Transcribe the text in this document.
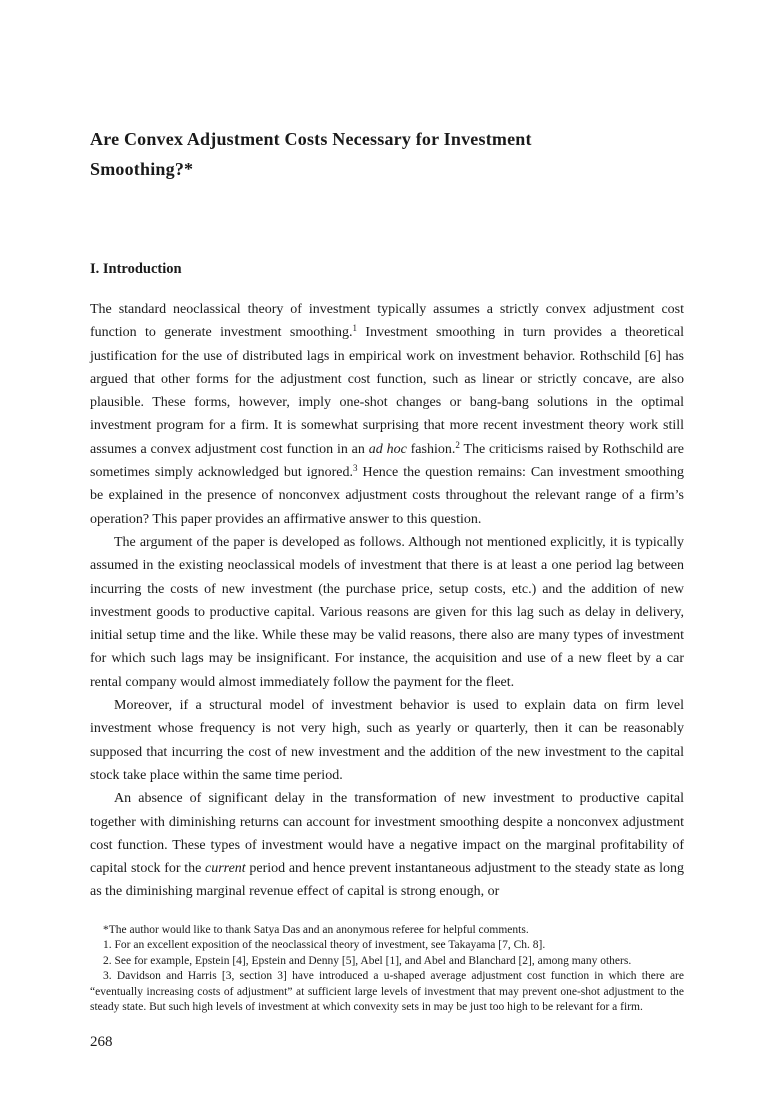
Are Convex Adjustment Costs Necessary for Investment
Smoothing?*
I. Introduction

The standard neoclassical theory of investment typically assumes a strictly convex adjustment cost function to generate investment smoothing.$^1$ Investment smoothing in turn provides a theoretical justification for the use of distributed lags in empirical work on investment behavior. Rothschild [6] has argued that other forms for the adjustment cost function, such as linear or strictly concave, are also plausible. These forms, however, imply one-shot changes or bang-bang solutions in the optimal investment program for a firm. It is somewhat surprising that more recent investment theory work still assumes a convex adjustment cost function in an ad hoc fashion.$^2$ The criticisms raised by Rothschild are sometimes simply acknowledged but ignored.$^3$ Hence the question remains: Can investment smoothing be explained in the presence of nonconvex adjustment costs throughout the relevant range of a firm’s operation? This paper provides an affirmative answer to this question.

The argument of the paper is developed as follows. Although not mentioned explicitly, it is typically assumed in the existing neoclassical models of investment that there is at least a one period lag between incurring the costs of new investment (the purchase price, setup costs, etc.) and the addition of new investment goods to productive capital. Various reasons are given for this lag such as delay in delivery, initial setup time and the like. While these may be valid reasons, there also are many types of investment for which such lags may be insignificant. For instance, the acquisition and use of a new fleet by a car rental company would almost immediately follow the payment for the fleet.

Moreover, if a structural model of investment behavior is used to explain data on firm level investment whose frequency is not very high, such as yearly or quarterly, then it can be reasonably supposed that incurring the cost of new investment and the addition of the new investment to the capital stock take place within the same time period.

An absence of significant delay in the transformation of new investment to productive capital together with diminishing returns can account for investment smoothing despite a nonconvex adjustment cost function. These types of investment would have a negative impact on the marginal profitability of capital stock for the current period and hence prevent instantaneous adjustment to the steady state as long as the diminishing marginal revenue effect of capital is strong enough, or

*The author would like to thank Satya Das and an anonymous referee for helpful comments.

1. For an excellent exposition of the neoclassical theory of investment, see Takayama [7, Ch. 8].

2. See for example, Epstein [4], Epstein and Denny [5], Abel [1], and Abel and Blanchard [2], among many others.

3. Davidson and Harris [3, section 3] have introduced a u-shaped average adjustment cost function in which there are “eventually increasing costs of adjustment” at sufficient large levels of investment that may prevent one-shot adjustment to the steady state. But such high levels of investment at which convexity sets in may be just too high to be relevant for a firm.

268
